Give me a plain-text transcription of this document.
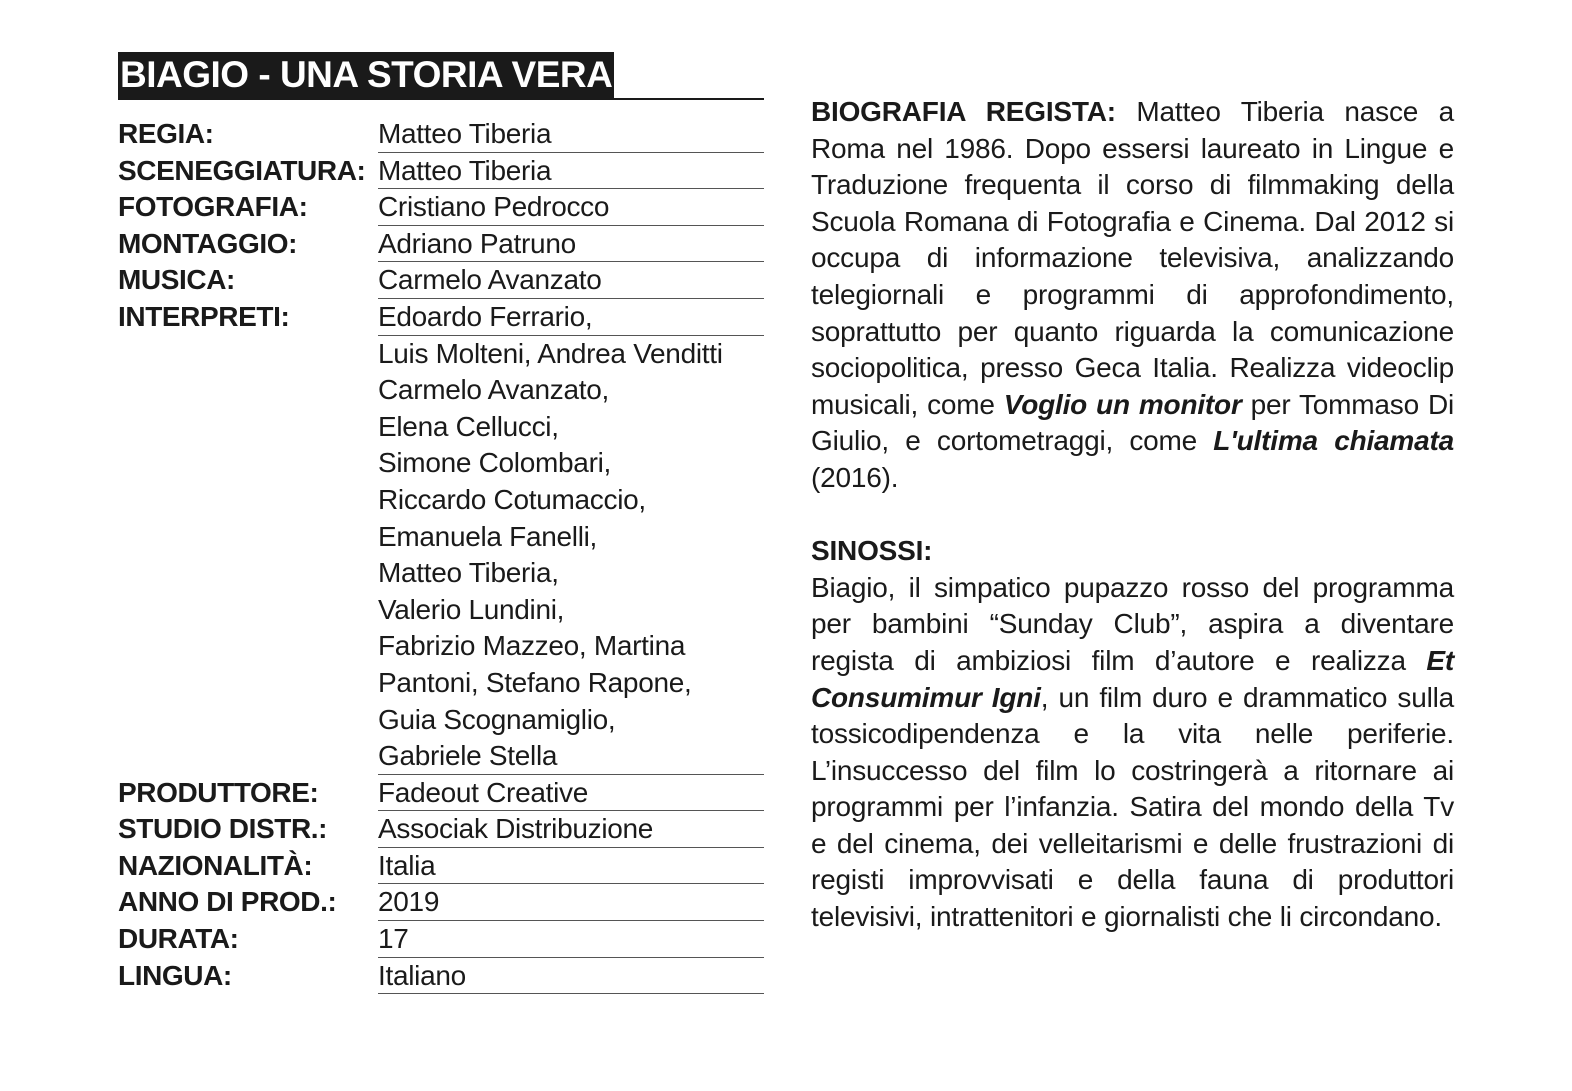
BIAGIO - UNA STORIA VERA
REGIA:	Matteo Tiberia
SCENEGGIATURA: Matteo Tiberia
FOTOGRAFIA:	Cristiano Pedrocco
MONTAGGIO:	Adriano Patruno
MUSICA:	Carmelo Avanzato
INTERPRETI:	Edoardo Ferrario,
Luis Molteni, Andrea Venditti
Carmelo Avanzato,
Elena Cellucci,
Simone Colombari,
Riccardo Cotumaccio,
Emanuela Fanelli,
Matteo Tiberia,
Valerio Lundini,
Fabrizio Mazzeo, Martina
Pantoni, Stefano Rapone,
Guia Scognamiglio,
Gabriele Stella
PRODUTTORE:	Fadeout Creative
STUDIO DISTR.:	Associak Distribuzione
NAZIONALITÀ:	Italia
ANNO DI PROD.:	2019
DURATA:	17
LINGUA:	Italiano

BIOGRAFIA REGISTA: Matteo Tiberia nasce a Roma nel 1986. Dopo essersi laureato in Lingue e Traduzione frequenta il corso di filmmaking della Scuola Romana di Fotografia e Cinema. Dal 2012 si occupa di informazione televisiva, analizzando telegiornali e programmi di approfondimento, soprattutto per quanto riguarda la comunicazione sociopolitica, presso Geca Italia. Realizza videoclip musicali, come Voglio un monitor per Tommaso Di Giulio, e cortometraggi, come L'ultima chiamata (2016).

SINOSSI:

Biagio, il simpatico pupazzo rosso del programma per bambini “Sunday Club”, aspira a diventare regista di ambiziosi film d’autore e realizza Et Consumimur Igni, un film duro e drammatico sulla tossicodipendenza e la vita nelle periferie. L’insuccesso del film lo costringerà a ritornare ai programmi per l’infanzia. Satira del mondo della Tv e del cinema, dei velleitarismi e delle frustrazioni di registi improvvisati e della fauna di produttori televisivi, intrattenitori e giornalisti che li circondano.
